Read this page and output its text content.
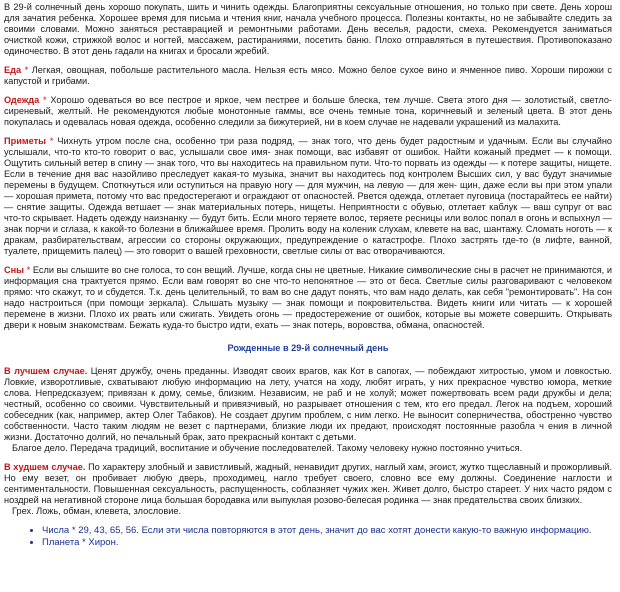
В 29-й солнечный день хорошо покупать, шить и чинить одежды. Благоприятны сексуальные отношения, но только при свете. День хорош для зачатия ребенка. Хорошее время для письма и чтения книг, начала учебного процесса. Полезны контакты, но не забывайте следить за своими словами. Можно заняться реставрацией и ремонтными работами. День веселья, радости, смеха. Рекомендуется заниматься очисткой кожи, стрижкой волос и ногтей, массажем, растираниями, посетить баню. Плохо отправляться в путешествия. Противопоказано одиночество. В этот день гадали на книгах и бросали жребий.

Еда * Легкая, овощная, побольше растительного масла. Нельзя есть мясо. Можно белое сухое вино и ячменное пиво. Хороши пирожки с капустой и грибами.

Одежда * Хорошо одеваться во все пестрое и яркое, чем пестрее и больше блеска, тем лучше. Света этого дня — золотистый, светло-сиреневый, желтый. Не рекомендуются любые монотонные гаммы, все очень темные тона, коричневый и зеленый цвета. В этот день покупалась и одевалась новая одежда, особенно следили за бижутерией, ни в коем случае не надевали украшений из малахита.

Приметы * Чихнуть утром после сна, особенно три раза подряд, — знак того, что день будет радостным и удачным. Если вы случайно услышали, что-то кто-то говорит о вас, услышали свое имя- знак помощи, вас избавят от ошибок. Найти кожаный предмет — к помощи. Ощутить сильный ветер в спину — знак того, что вы находитесь на правильном пути. Что-то порвать из одежды — к потере защиты, нищете. Если в течение дня вас назойливо преследует какая-то музыка, значит вы находитесь под контролем Высших сил, у вас будут значимые перемены в будущем. Споткнуться или оступиться на правую ногу — для мужчин, на левую — для жен- щин, даже если вы при этом упали — хорошая примета, потому что вас предостерегают и ограждают от опасностей. Рвется одежда, отлетает пуговица (постарайтесь ее найти) — снятие защиты. Одежда ветшает — знак материальных потерь, нищеты. Неприятности с обувью, отлетает каблук — ваш супруг от вас что-то скрывает. Надеть одежду наизнанку — будут бить. Если много теряете волос, теряете ресницы или волос попал в огонь и вспыхнул — знак порчи и сглаза, к какой-то болезни в ближайшее время. Пролить воду на коленик слухам, клевете на вас, шантажу. Сломать ноготь — к дракам, разбирательствам, агрессии со стороны окружающих, предупреждение о катастрофе. Плохо застрять где-то (в лифте, ванной, туалете, прищемить палец) — это говорит о вашей греховности, светлые силы от вас отворачиваются.

Сны * Если вы слышите во сне голоса, то сон вещий. Лучше, когда сны не цветные. Никакие символические сны в расчет не принимаются, и информация сна трактуется прямо. Если вам говорят во сне что-то непонятное — это от беса. Светлые силы разговаривают с человеком прямо: что скажут, то и сбудется. Т.к. день целительный, то вам во сне дадут понять, что вам надо делать, как себя "ремонтировать". На сон надо настроиться (при помощи зеркала). Слышать музыку — знак помощи и покровительства. Видеть книги или читать — к хорошей перемене в жизни. Плохо их рвать или сжигать. Увидеть огонь — предостережение от ошибок, которые вы можете совершить. Открывать двери к новым знакомствам. Бежать куда-то быстро идти, ехать — знак потерь, воровства, обмана, опасностей.

Рожденные в 29-й солнечный день

В лучшем случае. Ценят дружбу, очень преданны. Изводят своих врагов, как Кот в сапогах, — побеждают хитростью, умом и ловкостью. Ловкие, изворотливые, схватывают любую информацию на лету, учатся на ходу, любят играть, у них прекрасное чувство юмора, меткие слова. Непредсказуем; привязан к дому, семье, близким. Независим, не раб и не холуй; может пожертвовать всем ради дружбы и дела; честный, особенно со своими. Чувствительный и привязчивый, но разрывает отношения с тем, кто его предал. Легок на подъем, хороший собеседник (как, например, актер Олег Табаков). Не создает другим проблем, с ним легко. Не выносит соперничества, обостренно чувство собственности. Часто таким людям не везет с партнерами, близкие люди их предают, происходят постоянные разобла ч ения в личной жизни. Достаточно долгий, но печальный брак, зато прекрасный контакт с детьми.

Благое дело. Передача традиций, воспитание и обучение последователей. Такому человеку нужно постоянно учиться.

В худшем случае. По характеру злобный и завистливый, жадный, ненавидит других, наглый хам, эгоист, жутко тщеславный и прожорливый. Но ему везет, он пробивает любую дверь, проходимец, нагло требует своего, словно все ему должны. Соединение наглости и сентиментальности. Повышенная сексуальность, распущенность, соблазняет чужих жен. Живет долго, быстро стареет. У них часто рядом с ноздрей на негативной стороне лица большая бородавка или выпуклая розово-белесая родинка — знак предательства своих близких.

Грех. Ложь, обман, клевета, злословие.

• Числа * 29, 43, 65, 56. Если эти числа повторяются в этот день, значит до вас хотят донести какую-то важную информацию.
• Планета * Хирон.
